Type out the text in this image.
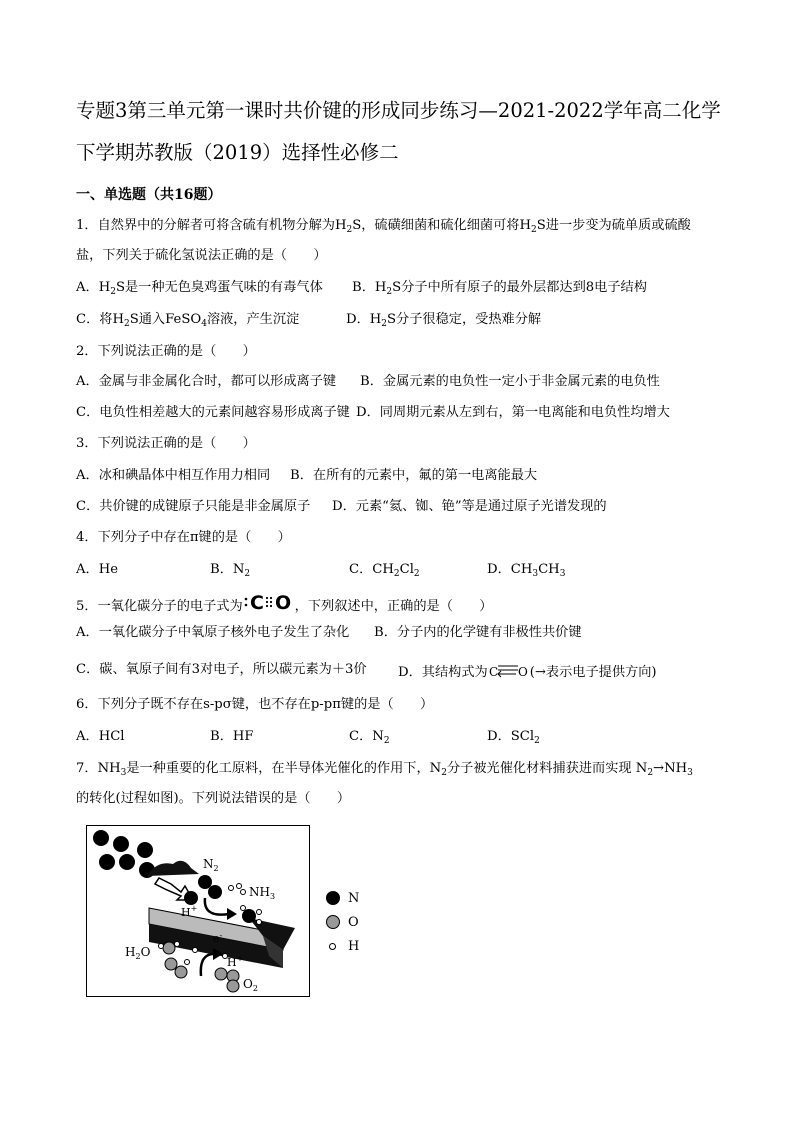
专题3第三单元第一课时共价键的形成同步练习—2021-2022学年高二化学下学期苏教版（2019）选择性必修二
一、单选题（共16题）
1．自然界中的分解者可将含硫有机物分解为$H_2S$，硫磺细菌和硫化细菌可将$H_2S$进一步变为硫单质或硫酸
盐，下列关于硫化氢说法正确的是（　　）
A．$H_2S$是一种无色臭鸡蛋气味的有毒气体 B．$H_2S$分子中所有原子的最外层都达到8电子结构
C．将$H_2S$通入FeSO$_4$溶液，产生沉淀	D．$H_2S$分子很稳定，受热难分解
2．下列说法正确的是（　　）
A．金属与非金属化合时，都可以形成离子键 B．金属元素的电负性一定小于非金属元素的电负性
C．电负性相差越大的元素间越容易形成离子键 D．同周期元素从左到右，第一电离能和电负性均增大
3．下列说法正确的是（　　）
A．冰和碘晶体中相互作用力相同 B．在所有的元素中，氟的第一电离能最大
C．共价键的成键原子只能是非金属原子 D．元素“氦、铷、铯”等是通过原子光谱发现的
4．下列分子中存在π键的是（　　）
A．He	B．$N_2$	C．$CH_2Cl_2$	D．$CH_3CH_3$
5．一氧化碳分子的电子式为 C O ，下列叙述中，正确的是（　　）
A．一氧化碳分子中氧原子核外电子发生了杂化 B．分子内的化学键有非极性共价键
C．碳、氧原子间有3对电子，所以碳元素为＋3价 D．其结构式为 C O (→表示电子提供方向)
6．下列分子既不存在s-pσ键，也不存在p-pπ键的是（　　）
A．HCl	B．HF	C．$N_2$	D．SCl$_2$
7．$NH_3$是一种重要的化工原料，在半导体光催化的作用下，$N_2$分子被光催化材料捕获进而实现 $N_2\to NH_3$
的转化(过程如图)。下列说法错误的是（　　）
$N_2$
H+
$NH_3$
e-
$H_2O$
H+
$O_2$
N
O
H
